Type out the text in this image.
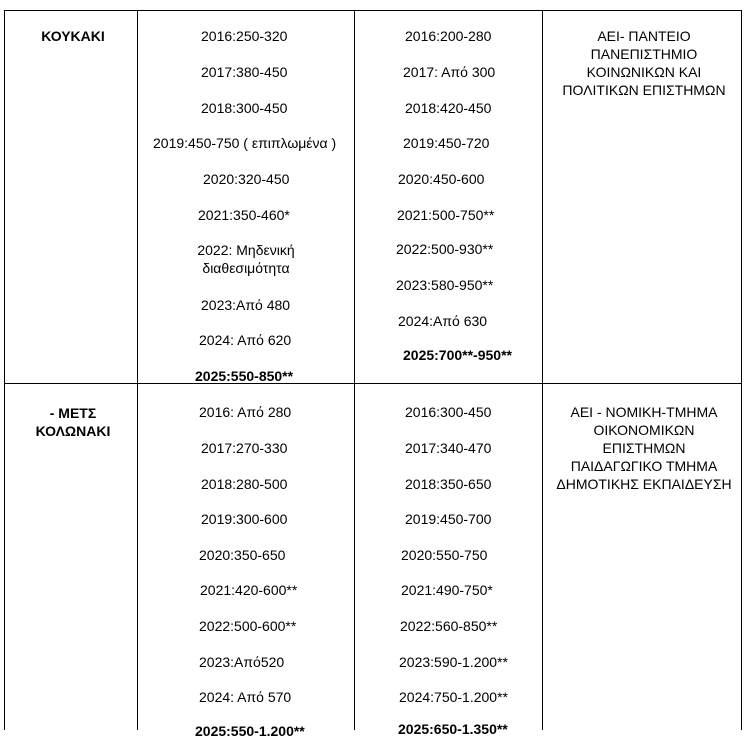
ΚΟΥΚΑΚΙ	2016:250-320
2017:380-450
2018:300-450
2019:450-750 ( επιπλωμένα )
2020:320-450
2021:350-460*
2022: Μηδενική διαθεσιμότητα
2023:Από 480
2024: Από 620
2025:550-850**
2016:200-280
2017: Από 300
2018:420-450
2019:450-720
2020:450-600
2021:500-750**
2022:500-930**
2023:580-950**
2024:Από 630
2025:700**-950**
ΑΕΙ- ΠΑΝΤΕΙΟ ΠΑΝΕΠΙΣΤΗΜΙΟ ΚΟΙΝΩΝΙΚΩΝ ΚΑΙ ΠΟΛΙΤΙΚΩΝ ΕΠΙΣΤΗΜΩΝ
- ΜΕΤΣ ΚΟΛΩΝΑΚΙ
2016: Από 280
2017:270-330
2018:280-500
2019:300-600
2020:350-650
2021:420-600**
2022:500-600**
2023:Από520
2024: Από 570
2025:550-1.200**
2016:300-450
2017:340-470
2018:350-650
2019:450-700
2020:550-750
2021:490-750*
2022:560-850**
2023:590-1.200**
2024:750-1.200**
2025:650-1.350**
ΑΕΙ - ΝΟΜΙΚΗ-ΤΜΗΜΑ ΟΙΚΟΝΟΜΙΚΩΝ ΕΠΙΣΤΗΜΩΝ ΠΑΙΔΑΓΩΓΙΚΟ ΤΜΗΜΑ ΔΗΜΟΤΙΚΗΣ ΕΚΠΑΙΔΕΥΣΗ
